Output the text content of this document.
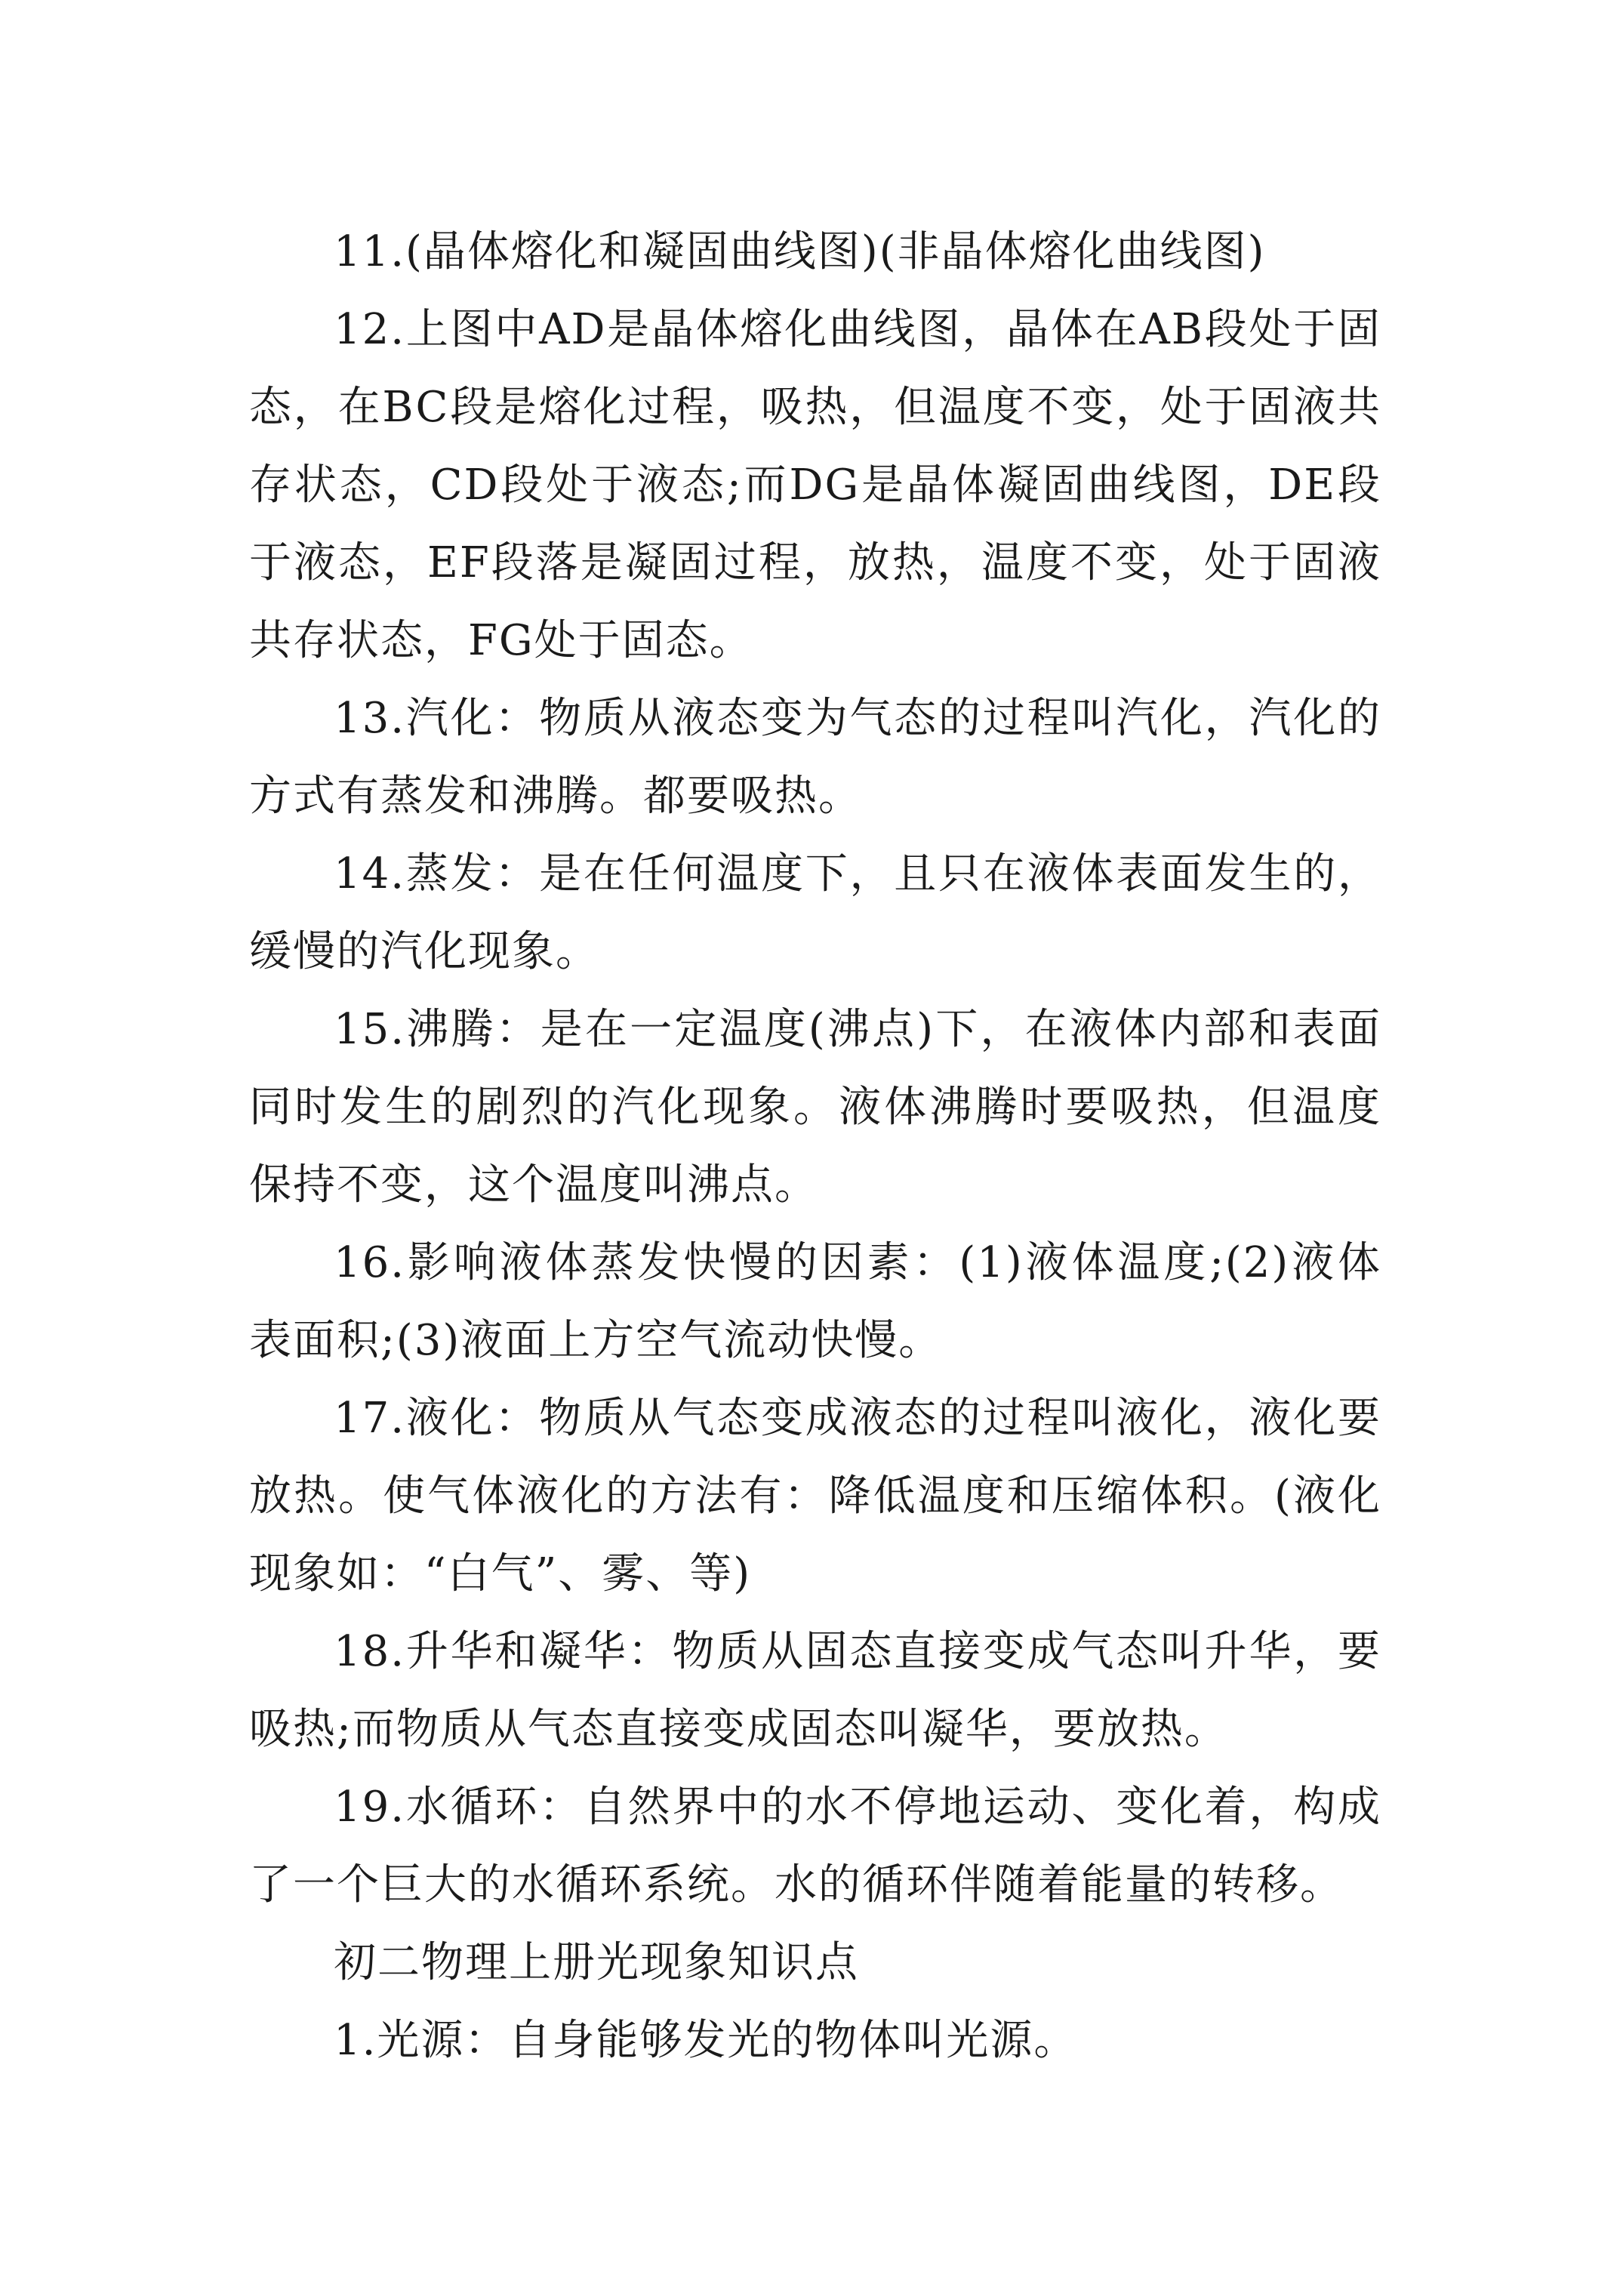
11.(晶体熔化和凝固曲线图)(非晶体熔化曲线图)

12.上图中AD是晶体熔化曲线图，晶体在AB段处于固态，在BC段是熔化过程，吸热，但温度不变，处于固液共存状态，CD段处于液态;而DG是晶体凝固曲线图，DE段于液态，EF段落是凝固过程，放热，温度不变，处于固液共存状态，FG处于固态。

13.汽化：物质从液态变为气态的过程叫汽化，汽化的方式有蒸发和沸腾。都要吸热。

14.蒸发：是在任何温度下，且只在液体表面发生的，缓慢的汽化现象。

15.沸腾：是在一定温度(沸点)下，在液体内部和表面同时发生的剧烈的汽化现象。液体沸腾时要吸热，但温度保持不变，这个温度叫沸点。

16.影响液体蒸发快慢的因素：(1)液体温度;(2)液体表面积;(3)液面上方空气流动快慢。

17.液化：物质从气态变成液态的过程叫液化，液化要放热。使气体液化的方法有：降低温度和压缩体积。(液化现象如：“白气”、雾、等)

18.升华和凝华：物质从固态直接变成气态叫升华，要吸热;而物质从气态直接变成固态叫凝华，要放热。

19.水循环：自然界中的水不停地运动、变化着，构成了一个巨大的水循环系统。水的循环伴随着能量的转移。

初二物理上册光现象知识点

1.光源：自身能够发光的物体叫光源。
